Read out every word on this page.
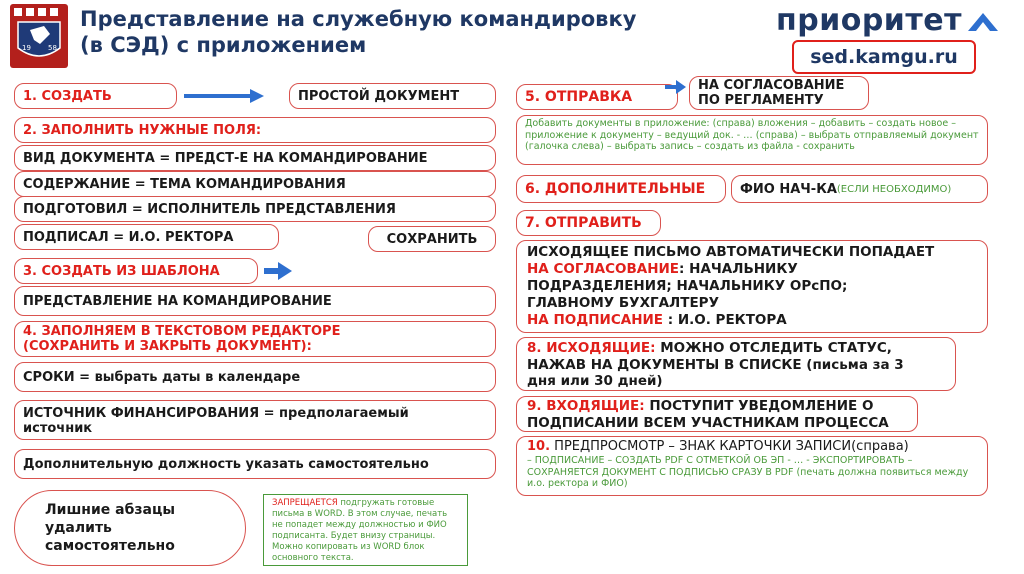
19 58
Представление на служебную командировку
(в СЭД) с приложением
приоритет
sed.kamgu.ru
1. СОЗДАТЬ	ПРОСТОЙ ДОКУМЕНТ
2. ЗАПОЛНИТЬ НУЖНЫЕ ПОЛЯ:
ВИД ДОКУМЕНТА = ПРЕДСТ-Е НА КОМАНДИРОВАНИЕ
СОДЕРЖАНИЕ = ТЕМА КОМАНДИРОВАНИЯ
ПОДГОТОВИЛ = ИСПОЛНИТЕЛЬ ПРЕДСТАВЛЕНИЯ
ПОДПИСАЛ = И.О. РЕКТОРА	СОХРАНИТЬ
3. СОЗДАТЬ ИЗ ШАБЛОНА
ПРЕДСТАВЛЕНИЕ НА КОМАНДИРОВАНИЕ
4. ЗАПОЛНЯЕМ В ТЕКСТОВОМ РЕДАКТОРЕ
(СОХРАНИТЬ И ЗАКРЫТЬ ДОКУМЕНТ):
СРОКИ = выбрать даты в календаре
ИСТОЧНИК ФИНАНСИРОВАНИЯ = предполагаемый
источник
Дополнительную должность указать самостоятельно
Лишние абзацы удалить самостоятельно
ЗАПРЕЩАЕТСЯ подгружать готовые письма в WORD. В этом случае, печать не попадет между должностью и ФИО подписанта. Будет внизу страницы. Можно копировать из WORD блок основного текста.
5. ОТПРАВКА
НА СОГЛАСОВАНИЕ
ПО РЕГЛАМЕНТУ
Добавить документы в приложение: (справа) вложения – добавить – создать новое – приложение к документу – ведущий док. - … (справа) – выбрать отправляемый документ (галочка слева) – выбрать запись – создать из файла - сохранить
6. ДОПОЛНИТЕЛЬНЫЕ	ФИО НАЧ-КА (ЕСЛИ НЕОБХОДИМО)
7. ОТПРАВИТЬ
ИСХОДЯЩЕЕ ПИСЬМО АВТОМАТИЧЕСКИ ПОПАДАЕТ
НА СОГЛАСОВАНИЕ: НАЧАЛЬНИКУ
ПОДРАЗДЕЛЕНИЯ; НАЧАЛЬНИКУ ОРсПО;
ГЛАВНОМУ БУХГАЛТЕРУ
НА ПОДПИСАНИЕ : И.О. РЕКТОРА
8. ИСХОДЯЩИЕ: МОЖНО ОТСЛЕДИТЬ СТАТУС,
НАЖАВ НА ДОКУМЕНТЫ В СПИСКЕ (письма за 3
дня или 30 дней)
9. ВХОДЯЩИЕ: ПОСТУПИТ УВЕДОМЛЕНИЕ О
ПОДПИСАНИИ ВСЕМ УЧАСТНИКАМ ПРОЦЕССА
10. ПРЕДПРОСМОТР – ЗНАК КАРТОЧКИ ЗАПИСИ(справа)
– ПОДПИСАНИЕ – СОЗДАТЬ PDF С ОТМЕТКОЙ ОБ ЭП - … - ЭКСПОРТИРОВАТЬ – СОХРАНЯЕТСЯ ДОКУМЕНТ С ПОДПИСЬЮ СРАЗУ В PDF (печать должна появиться между и.о. ректора и ФИО)
